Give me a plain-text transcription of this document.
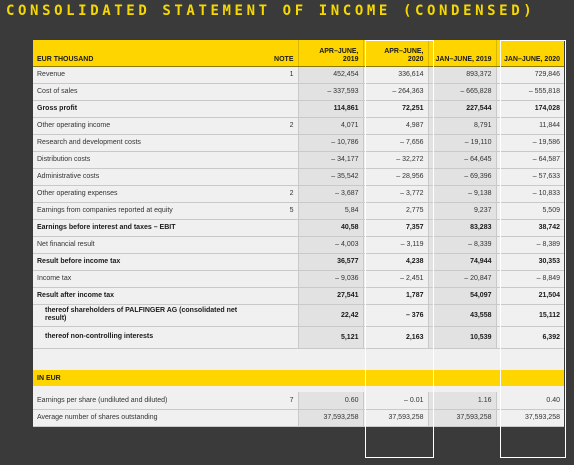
CONSOLIDATED STATEMENT OF INCOME (CONDENSED)
EUR THOUSAND	NOTE	APR–JUNE, 2019	APR–JUNE, 2020	JAN–JUNE, 2019	JAN–JUNE, 2020
Revenue	1	452,454	336,614	893,372	729,846
Cost of sales		– 337,593	– 264,363	– 665,828	– 555,818
Gross profit		114,861	72,251	227,544	174,028
Other operating income	2	4,071	4,987	8,791	11,844
Research and development costs		– 10,786	– 7,656	– 19,110	– 19,586
Distribution costs		– 34,177	– 32,272	– 64,645	– 64,587
Administrative costs		– 35,542	– 28,956	– 69,396	– 57,633
Other operating expenses	2	– 3,687	– 3,772	– 9,138	– 10,833
Earnings from companies reported at equity	5	5,84	2,775	9,237	5,509
Earnings before interest and taxes – EBIT		40,58	7,357	83,283	38,742
Net financial result		– 4,003	– 3,119	– 8,339	– 8,389
Result before income tax		36,577	4,238	74,944	30,353
Income tax		– 9,036	– 2,451	– 20,847	– 8,849
Result after income tax		27,541	1,787	54,097	21,504
thereof shareholders of PALFINGER AG (consolidated net result)		22,42	– 376	43,558	15,112
thereof non-controlling interests		5,121	2,163	10,539	6,392
IN EUR					

Earnings per share (undiluted and diluted)	7	0.60	– 0.01	1.16	0.40
Average number of shares outstanding		37,593,258	37,593,258	37,593,258	37,593,258
